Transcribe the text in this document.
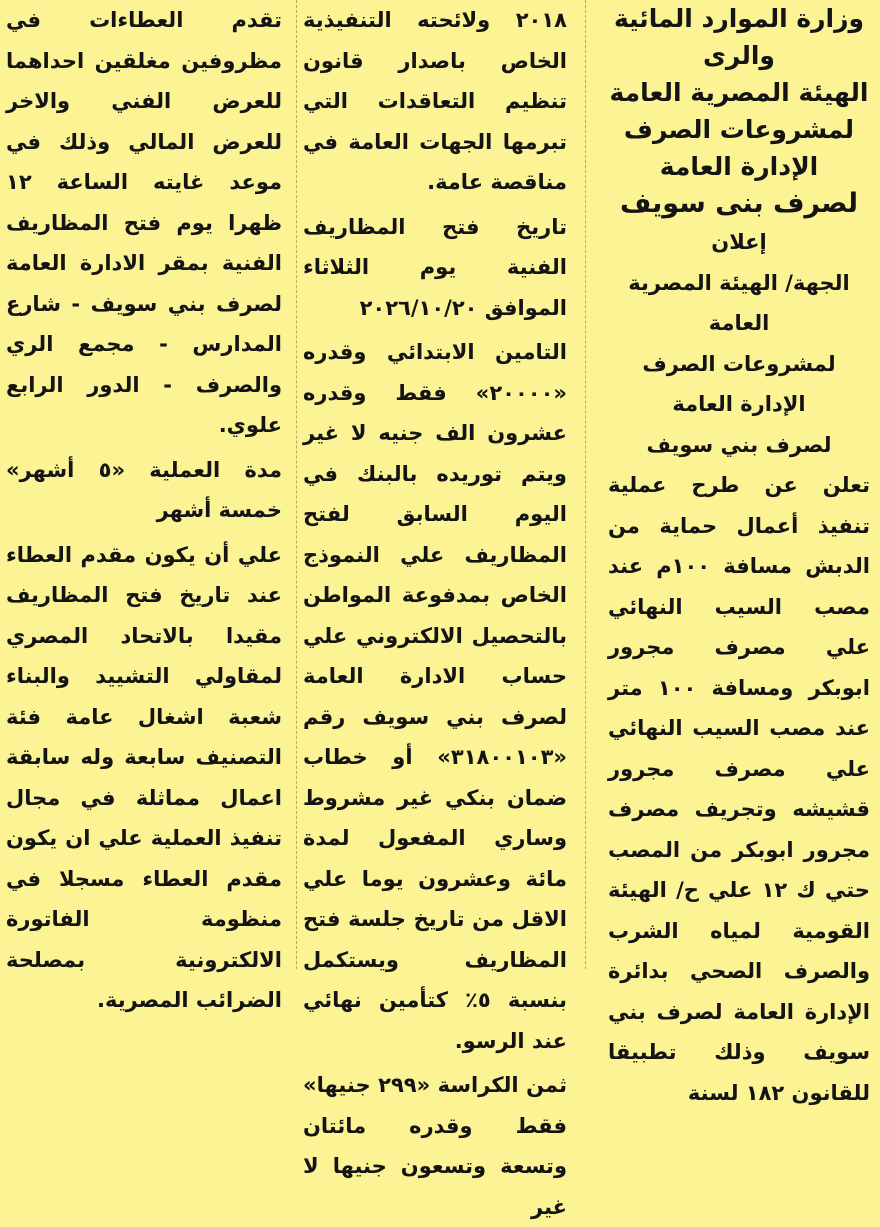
وزارة الموارد المائية والرى

الهيئة المصرية العامة

لمشروعات الصرف

الإدارة العامة

لصرف بنى سويف

إعلان

الجهة/ الهيئة المصرية العامة

لمشروعات الصرف

الإدارة العامة

لصرف بني سويف

تعلن عن طرح عملية تنفيذ أعمال حماية من الدبش مسافة ١٠٠م عند مصب السيب النهائي علي مصرف مجرور ابوبكر ومسافة ١٠٠ متر عند مصب السيب النهائي علي مصرف مجرور قشيشه وتجريف مصرف مجرور ابوبكر من المصب حتي ك ١٢ علي ح/ الهيئة القومية لمياه الشرب والصرف الصحي بدائرة الإدارة العامة لصرف بني سويف وذلك تطبيقا للقانون ١٨٢ لسنة

٢٠١٨ ولائحته التنفيذية الخاص باصدار قانون تنظيم التعاقدات التي تبرمها الجهات العامة في مناقصة عامة.

تاريخ فتح المظاريف الفنية يوم الثلاثاء الموافق ٢٠٢٦/١٠/٢٠

التامين الابتدائي وقدره «٢٠٠٠٠» فقط وقدره عشرون الف جنيه لا غير ويتم توريده بالبنك في اليوم السابق لفتح المظاريف علي النموذج الخاص بمدفوعة المواطن بالتحصيل الالكتروني علي حساب الادارة العامة لصرف بني سويف رقم «٣١٨٠٠١٠٣» أو خطاب ضمان بنكي غير مشروط وساري المفعول لمدة مائة وعشرون يوما علي الاقل من تاريخ جلسة فتح المظاريف ويستكمل بنسبة ٥٪ كتأمين نهائي عند الرسو.

ثمن الكراسة «٢٩٩ جنيها» فقط وقدره مائتان وتسعة وتسعون جنيها لا غير

تقدم العطاءات في مظروفين مغلقين احداهما للعرض الفني والاخر للعرض المالي وذلك في موعد غايته الساعة ١٢ ظهرا يوم فتح المظاريف الفنية بمقر الادارة العامة لصرف بني سويف - شارع المدارس - مجمع الري والصرف - الدور الرابع علوي.

مدة العملية «٥ أشهر» خمسة أشهر

علي أن يكون مقدم العطاء عند تاريخ فتح المظاريف مقيدا بالاتحاد المصري لمقاولي التشييد والبناء شعبة اشغال عامة فئة التصنيف سابعة وله سابقة اعمال مماثلة في مجال تنفيذ العملية علي ان يكون مقدم العطاء مسجلا في منظومة الفاتورة الالكترونية بمصلحة الضرائب المصرية.
